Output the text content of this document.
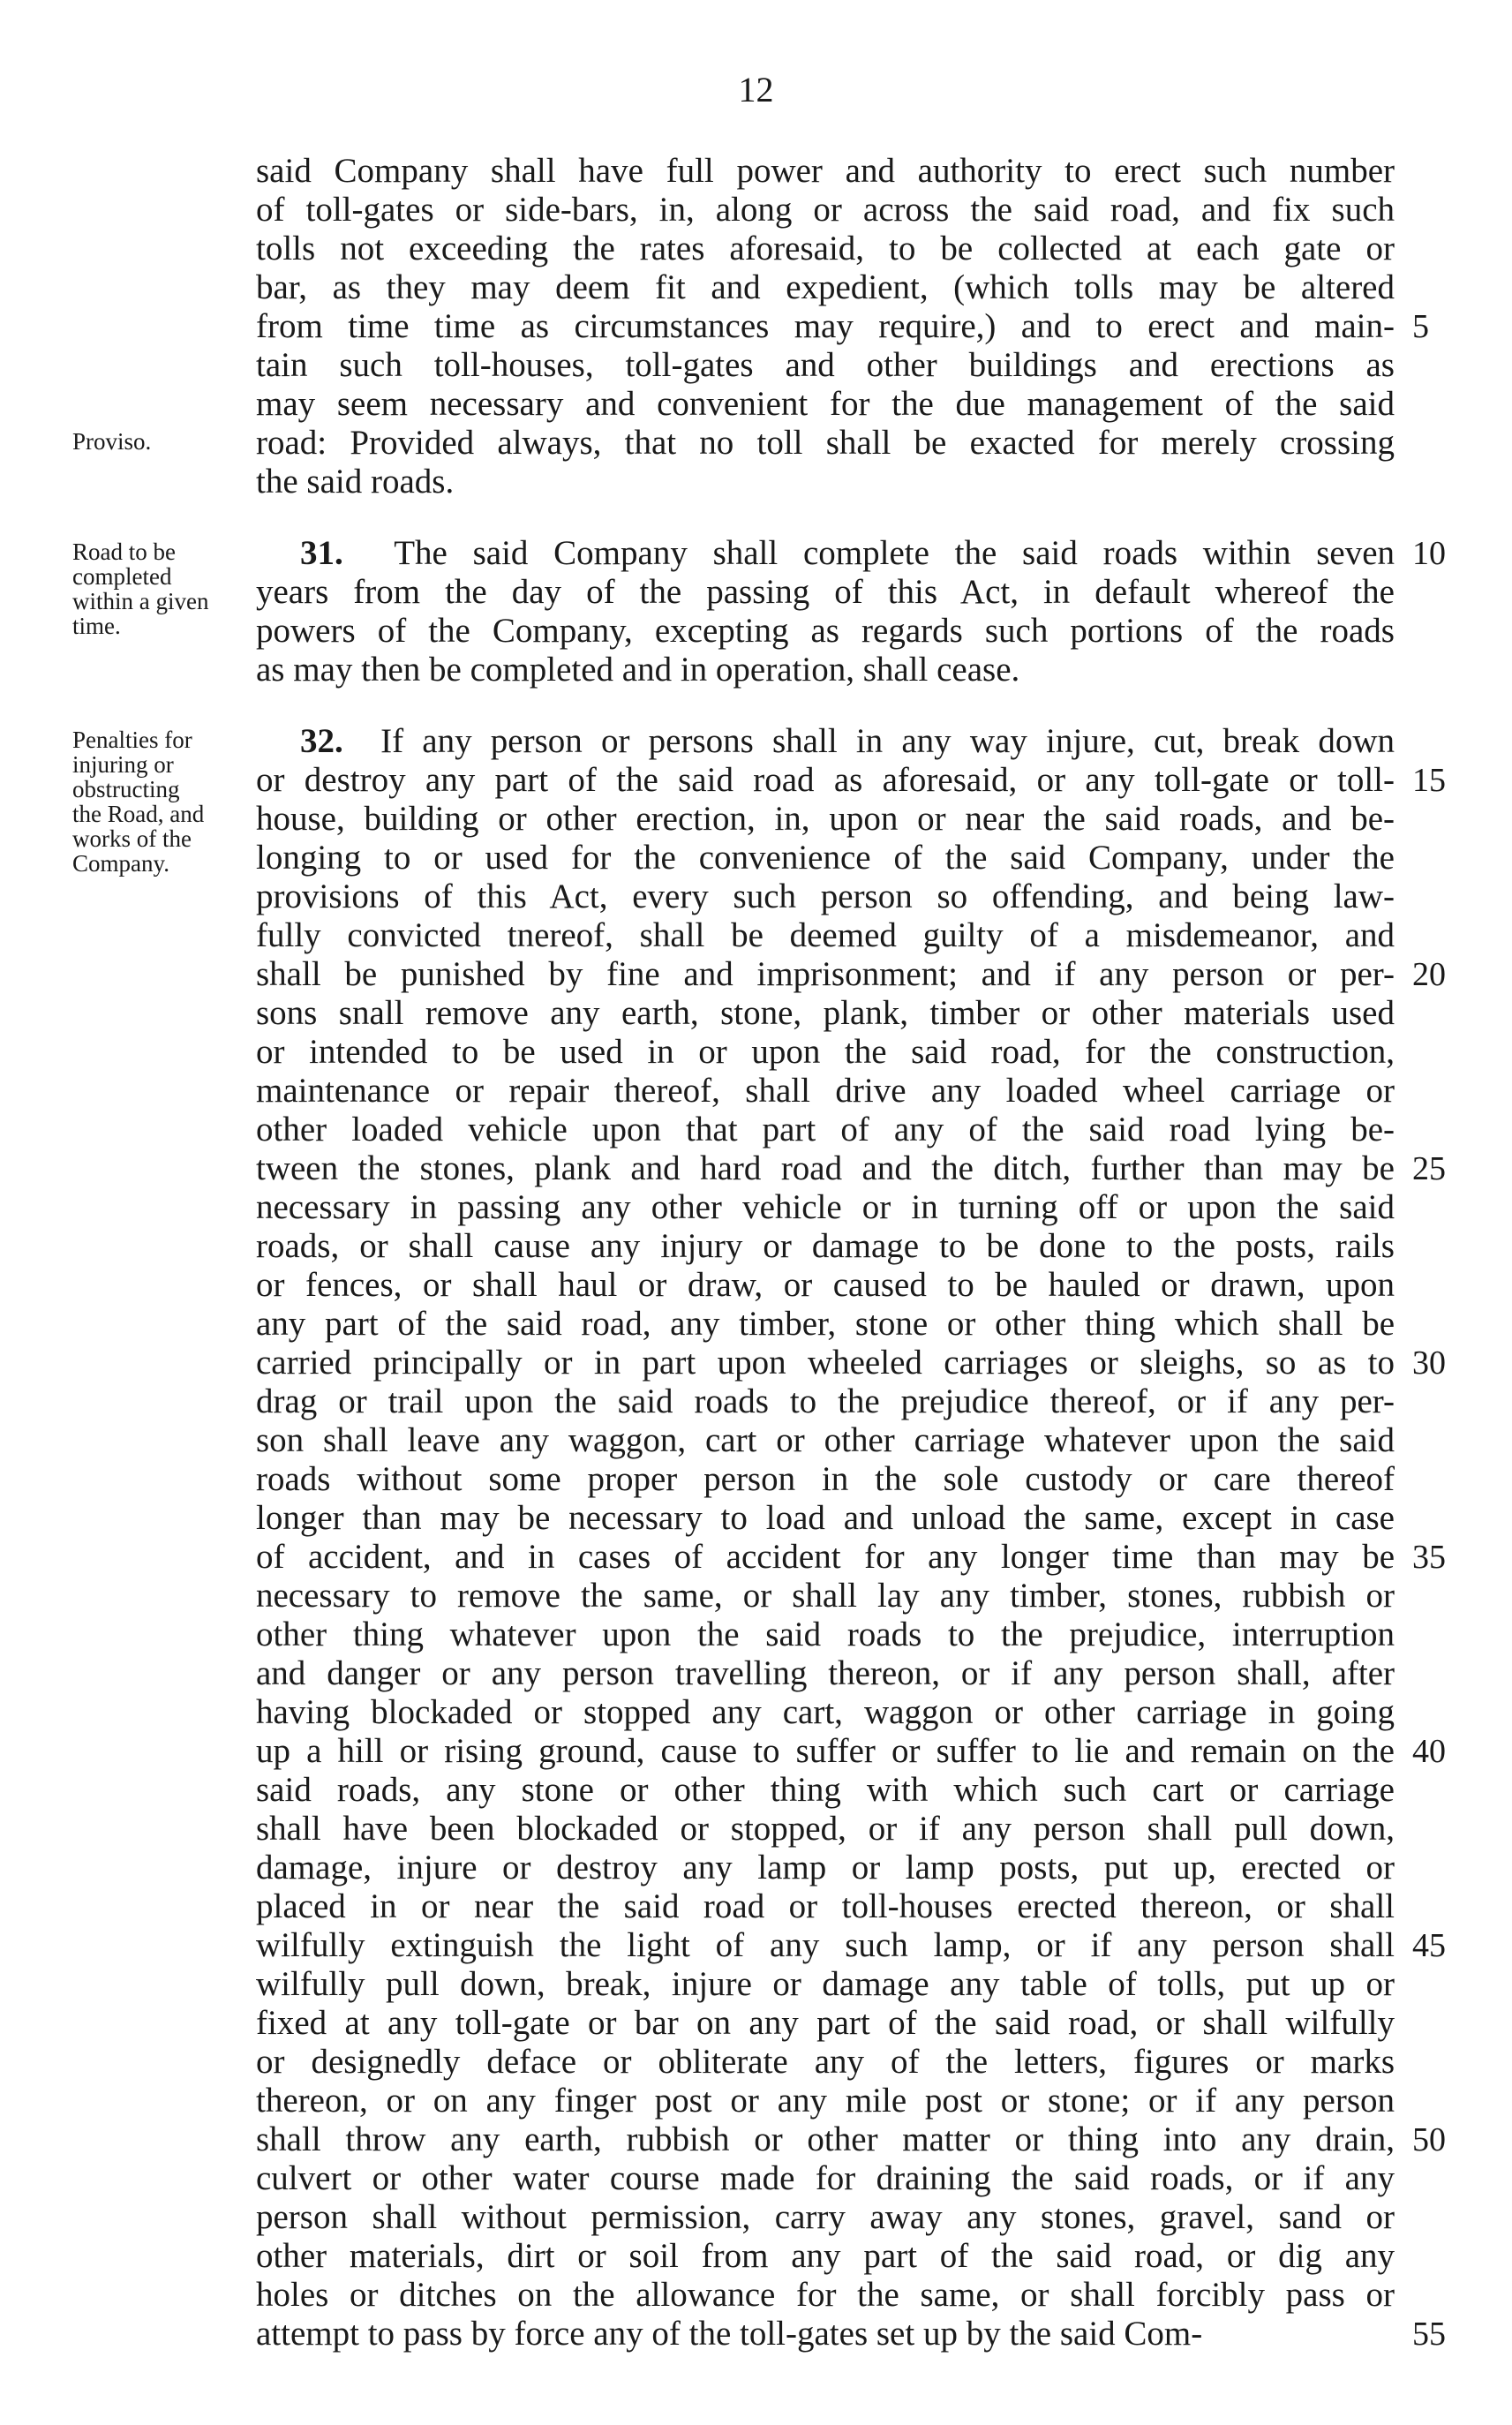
12
said Company shall have full power and authority to erect such number
of toll-gates or side-bars, in, along or across the said road, and fix such
tolls not exceeding the rates aforesaid, to be collected at each gate or
bar, as they may deem fit and expedient, (which tolls may be altered
from time time as circumstances may require,) and to erect and main-
tain such toll-houses, toll-gates and other buildings and erections as
may seem necessary and convenient for the due management of the said
road: Provided always, that no toll shall be exacted for merely crossing
the said roads.
5
Proviso.
31.  The said Company shall complete the said roads within seven
years from the day of the passing of this Act, in default whereof the
powers of the Company, excepting as regards such portions of the roads
as may then be completed and in operation, shall cease.
10
Road to be
completed
within a given
time.
32.  If any person or persons shall in any way injure, cut, break down
or destroy any part of the said road as aforesaid, or any toll-gate or toll-
house, building or other erection, in, upon or near the said roads, and be-
longing to or used for the convenience of the said Company, under the
provisions of this Act, every such person so offending, and being law-
fully convicted tnereof, shall be deemed guilty of a misdemeanor, and
shall be punished by fine and imprisonment; and if any person or per-
sons snall remove any earth, stone, plank, timber or other materials used
or intended to be used in or upon the said road, for the construction,
maintenance or repair thereof, shall drive any loaded wheel carriage or
other loaded vehicle upon that part of any of the said road lying be-
tween the stones, plank and hard road and the ditch, further than may be
necessary in passing any other vehicle or in turning off or upon the said
roads, or shall cause any injury or damage to be done to the posts, rails
or fences, or shall haul or draw, or caused to be hauled or drawn, upon
any part of the said road, any timber, stone or other thing which shall be
carried principally or in part upon wheeled carriages or sleighs, so as to
drag or trail upon the said roads to the prejudice thereof, or if any per-
son shall leave any waggon, cart or other carriage whatever upon the said
roads without some proper person in the sole custody or care thereof
longer than may be necessary to load and unload the same, except in case
of accident, and in cases of accident for any longer time than may be
necessary to remove the same, or shall lay any timber, stones, rubbish or
other thing whatever upon the said roads to the prejudice, interruption
and danger or any person travelling thereon, or if any person shall, after
having blockaded or stopped any cart, waggon or other carriage in going
up a hill or rising ground, cause to suffer or suffer to lie and remain on the
said roads, any stone or other thing with which such cart or carriage
shall have been blockaded or stopped, or if any person shall pull down,
damage, injure or destroy any lamp or lamp posts, put up, erected or
placed in or near the said road or toll-houses erected thereon, or shall
wilfully extinguish the light of any such lamp, or if any person shall
wilfully pull down, break, injure or damage any table of tolls, put up or
fixed at any toll-gate or bar on any part of the said road, or shall wilfully
or designedly deface or obliterate any of the letters, figures or marks
thereon, or on any finger post or any mile post or stone; or if any person
shall throw any earth, rubbish or other matter or thing into any drain,
culvert or other water course made for draining the said roads, or if any
person shall without permission, carry away any stones, gravel, sand or
other materials, dirt or soil from any part of the said road, or dig any
holes or ditches on the allowance for the same, or shall forcibly pass or
attempt to pass by force any of the toll-gates set up by the said Com-
15
20
25
30
35
40
45
50
55
Penalties for
injuring or
obstructing
the Road, and
works of the
Company.
